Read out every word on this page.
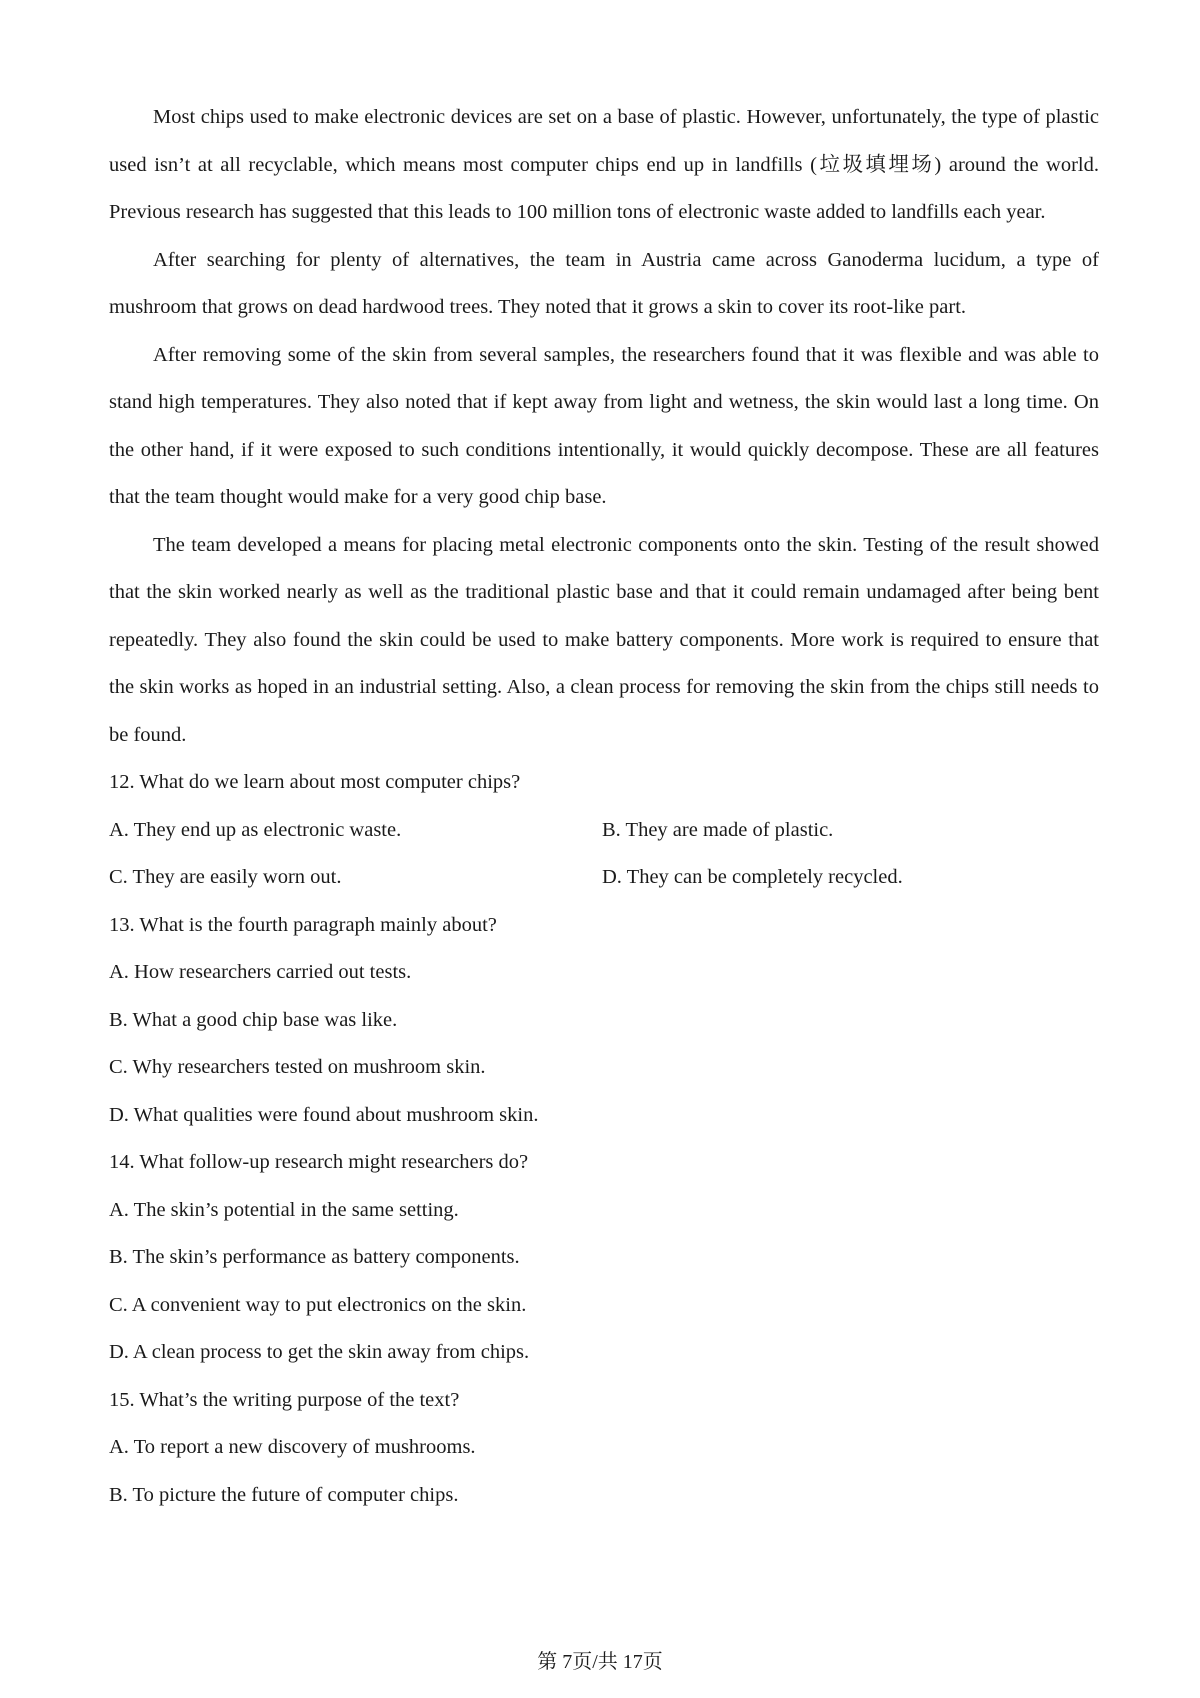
Most chips used to make electronic devices are set on a base of plastic. However, unfortunately, the type of plastic used isn’t at all recyclable, which means most computer chips end up in landfills (垃圾填埋场) around the world. Previous research has suggested that this leads to 100 million tons of electronic waste added to landfills each year.

After searching for plenty of alternatives, the team in Austria came across Ganoderma lucidum, a type of mushroom that grows on dead hardwood trees. They noted that it grows a skin to cover its root-like part.

After removing some of the skin from several samples, the researchers found that it was flexible and was able to stand high temperatures. They also noted that if kept away from light and wetness, the skin would last a long time. On the other hand, if it were exposed to such conditions intentionally, it would quickly decompose. These are all features that the team thought would make for a very good chip base.

The team developed a means for placing metal electronic components onto the skin. Testing of the result showed that the skin worked nearly as well as the traditional plastic base and that it could remain undamaged after being bent repeatedly. They also found the skin could be used to make battery components. More work is required to ensure that the skin works as hoped in an industrial setting. Also, a clean process for removing the skin from the chips still needs to be found.

12. What do we learn about most computer chips?

A. They end up as electronic waste.	B. They are made of plastic.
C. They are easily worn out.	D. They can be completely recycled.

13. What is the fourth paragraph mainly about?

A. How researchers carried out tests.

B. What a good chip base was like.

C. Why researchers tested on mushroom skin.

D. What qualities were found about mushroom skin.

14. What follow-up research might researchers do?

A. The skin’s potential in the same setting.

B. The skin’s performance as battery components.

C. A convenient way to put electronics on the skin.

D. A clean process to get the skin away from chips.

15. What’s the writing purpose of the text?

A. To report a new discovery of mushrooms.

B. To picture the future of computer chips.

第 7页/共 17页
